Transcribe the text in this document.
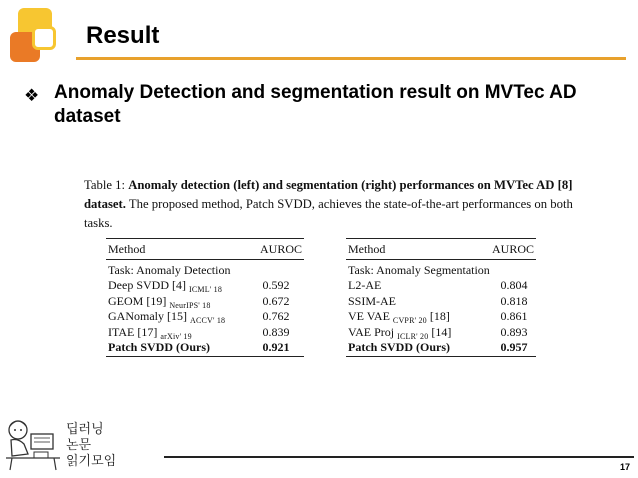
Result
❖ Anomaly Detection and segmentation result on MVTec AD dataset
Table 1: Anomaly detection (left) and segmentation (right) performances on MVTec AD [8] dataset. The proposed method, Patch SVDD, achieves the state-of-the-art performances on both tasks.
Method	AUROC
Task: Anomaly Detection
Deep SVDD [4] $_{ICML' 18}$	0.592
GEOM [19] $_{NeurIPS' 18}$	0.672
GANomaly [15] $_{ACCV' 18}$	0.762
ITAE [17] $_{arXiv' 19}$	0.839
Patch SVDD (Ours)	0.921
Method	AUROC
Task: Anomaly Segmentation
L2-AE	0.804
SSIM-AE	0.818
VE VAE $_{CVPR' 20}$ [18]	0.861
VAE Proj $_{ICLR' 20}$ [14]	0.893
Patch SVDD (Ours)	0.957
딥러닝
논문
읽기모임	17
